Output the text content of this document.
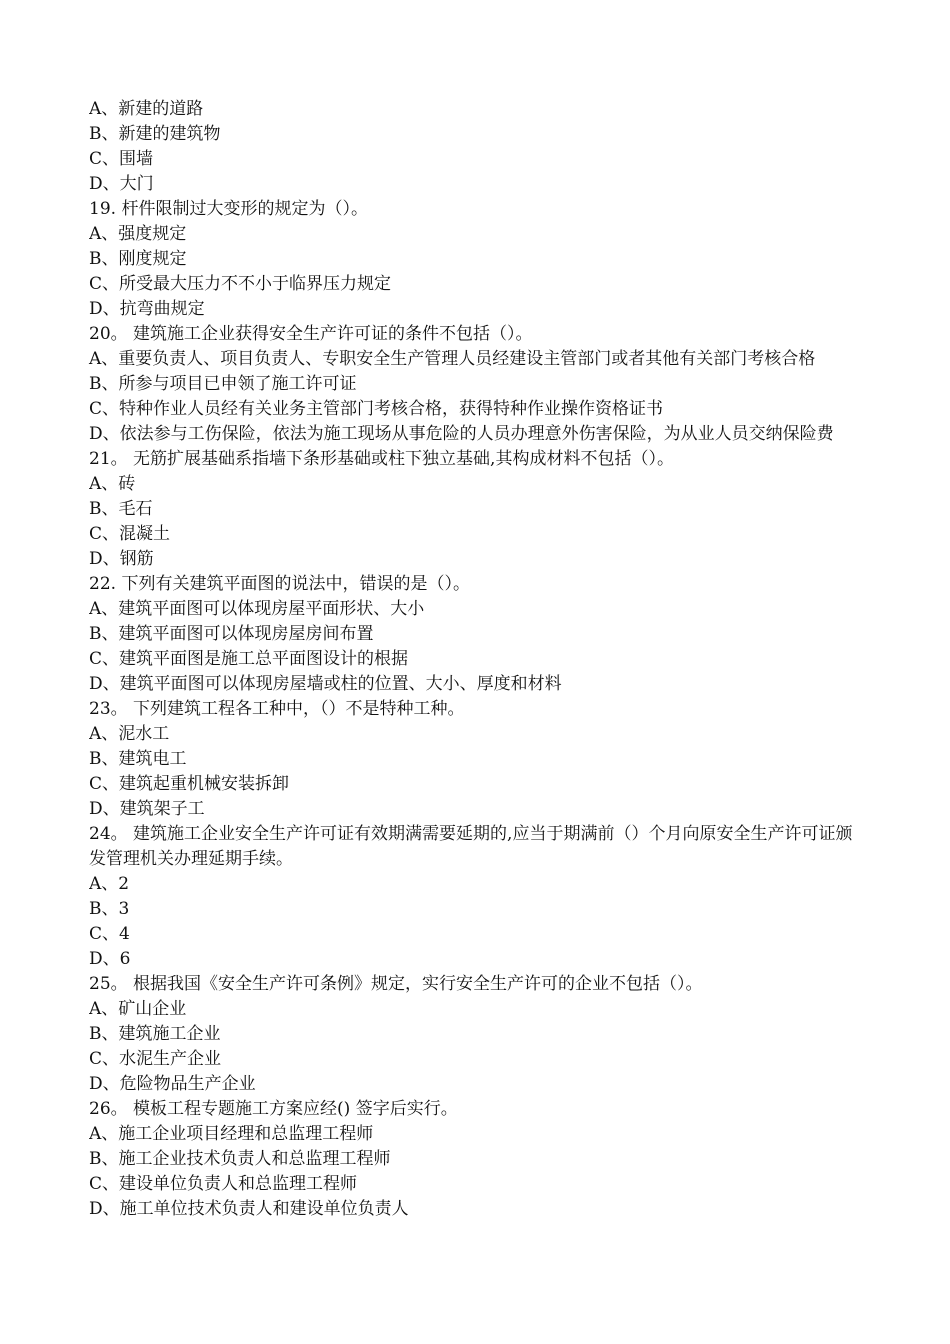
A、新建的道路
B、新建的建筑物
C、围墙
D、大门
19. 杆件限制过大变形的规定为（）。
A、强度规定
B、刚度规定
C、所受最大压力不不小于临界压力规定
D、抗弯曲规定
20。 建筑施工企业获得安全生产许可证的条件不包括（）。
A、重要负责人、项目负责人、专职安全生产管理人员经建设主管部门或者其他有关部门考核合格
B、所参与项目已申领了施工许可证
C、特种作业人员经有关业务主管部门考核合格，获得特种作业操作资格证书
D、依法参与工伤保险，依法为施工现场从事危险的人员办理意外伤害保险，为从业人员交纳保险费
21。 无筋扩展基础系指墙下条形基础或柱下独立基础,其构成材料不包括（）。
A、砖
B、毛石
C、混凝土
D、钢筋
22. 下列有关建筑平面图的说法中，错误的是（）。
A、建筑平面图可以体现房屋平面形状、大小
B、建筑平面图可以体现房屋房间布置
C、建筑平面图是施工总平面图设计的根据
D、建筑平面图可以体现房屋墙或柱的位置、大小、厚度和材料
23。 下列建筑工程各工种中，（）不是特种工种。
A、泥水工
B、建筑电工
C、建筑起重机械安装拆卸
D、建筑架子工
24。 建筑施工企业安全生产许可证有效期满需要延期的,应当于期满前（）个月向原安全生产许可证颁发管理机关办理延期手续。
A、2
B、3
C、4
D、6
25。 根据我国《安全生产许可条例》规定，实行安全生产许可的企业不包括（）。
A、矿山企业
B、建筑施工企业
C、水泥生产企业
D、危险物品生产企业
26。 模板工程专题施工方案应经() 签字后实行。
A、施工企业项目经理和总监理工程师
B、施工企业技术负责人和总监理工程师
C、建设单位负责人和总监理工程师
D、施工单位技术负责人和建设单位负责人
